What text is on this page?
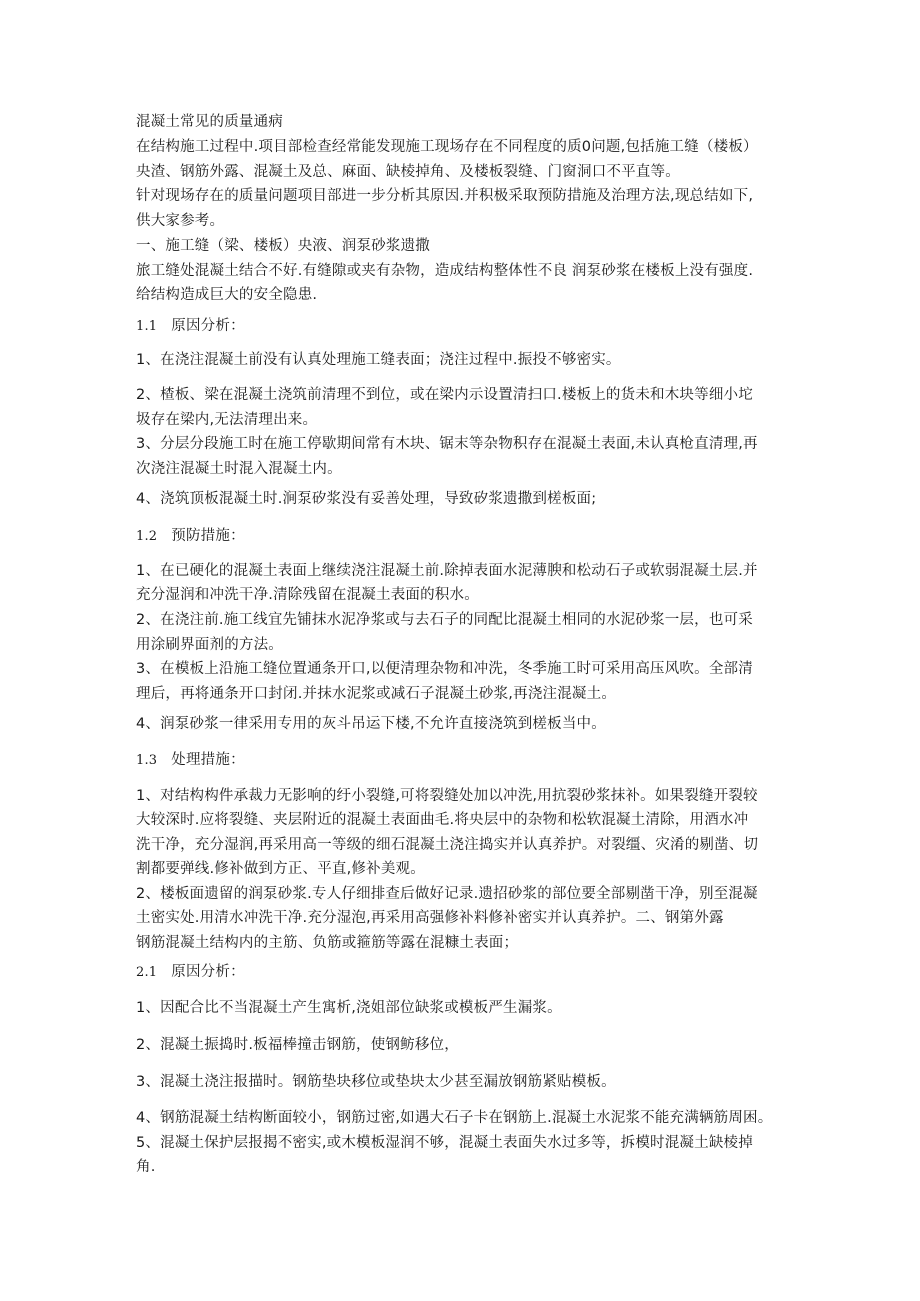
混凝土常见的质量通病
在结构施工过程中.项目部检查经常能发现施工现场存在不同程度的质0问题,包括施工缝（楼板）
央渣、钢筋外露、混凝土及总、麻面、缺棱掉角、及楼板裂缝、门窗洞口不平直等。
针对现场存在的质量问题项目部进一步分析其原因.并积极采取预防措施及治理方法,现总结如下,
供大家参考。
一、施工缝（梁、楼板）央液、润泵砂浆遗撒
旅工缝处混凝土结合不好.有缝隙或夹有杂物，造成结构整体性不良 润泵砂浆在楼板上没有强度.
给结构造成巨大的安全隐患.
1.1 原因分析：
1、在浇注混凝土前没有认真处理施工缝表面；浇注过程中.振投不够密实。
2、楂板、梁在混凝土浇筑前清理不到位，或在梁内示设置清扫口.楼板上的货未和木块等细小坨
圾存在梁内,无法清理出来。
3、分层分段施工时在施工停歇期间常有木块、锯末等杂物积存在混凝土表面,未认真枪直清理,再
次浇注混凝土时混入混凝土内。
4、浇筑顶板混凝土时.涧泵矽浆没有妥善处理，导致矽浆遗撒到槎板面;
1.2 预防措施：
1、在已硬化的混凝土表面上继续浇注混凝土前.除掉表面水泥薄腴和松动石子或软弱混凝土层.并
充分湿润和冲洗干净.清除残留在混凝土表面的积水。
2、在浇注前.施工线宜先铺抹水泥净浆或与去石子的同配比混凝土相同的水泥砂浆一层，也可采
用涂刷界面剂的方法。
3、在模板上沿施工缝位置通条开口,以便清理杂物和冲洗，冬季施工时可采用高压风吹。全部清
理后，再将通条开口封闭.并抹水泥浆或减石子混凝土砂浆,再浇注混凝土。
4、润泵砂浆一律采用专用的灰斗吊运下楼,不允许直接浇筑到槎板当中。
1.3 处理措施：
1、对结构构件承裁力无影响的纡小裂缝,可将裂缝处加以冲洗,用抗裂砂浆抹补。如果裂缝开裂较
大较深时.应将裂缝、夹层附近的混凝土表面曲毛.将央层中的杂物和松软混凝土清除，用酒水冲
洗干净，充分湿润,再采用高一等级的细石混凝土浇注捣实并认真养护。对裂缰、灾淆的剔凿、切
割都要弹线.修补做到方正、平直,修补美观。
2、楼板面遗留的润泵砂浆.专人仔细排查后做好记录.遗招砂浆的部位要全部剔凿干净，别至混凝
土密实处.用清水冲洗干净.充分湿泡,再采用高强修补料修补密实并认真养护。二、钢第外露
钢筋混凝土结构内的主筋、负筋或箍筋等露在混糠土表面；
2.1 原因分析：
1、因配合比不当混凝土产生寓析,浇姐部位缺浆或模板严生漏浆。
2、混凝土振捣时.板福棒撞击钢筋，使钢鲂移位，
3、混凝土浇注报描时。钢筋垫块移位或垫块太少甚至漏放钢筋紧贴模板。
4、钢筋混凝土结构断面较小，钢筋过密,如遇大石子卡在钢筋上.混凝土水泥浆不能充满辆筋周困。
5、混凝土保护层报揭不密实,或木模板湿润不够，混凝土表面失水过多等，拆模时混凝土缺棱掉
角.
